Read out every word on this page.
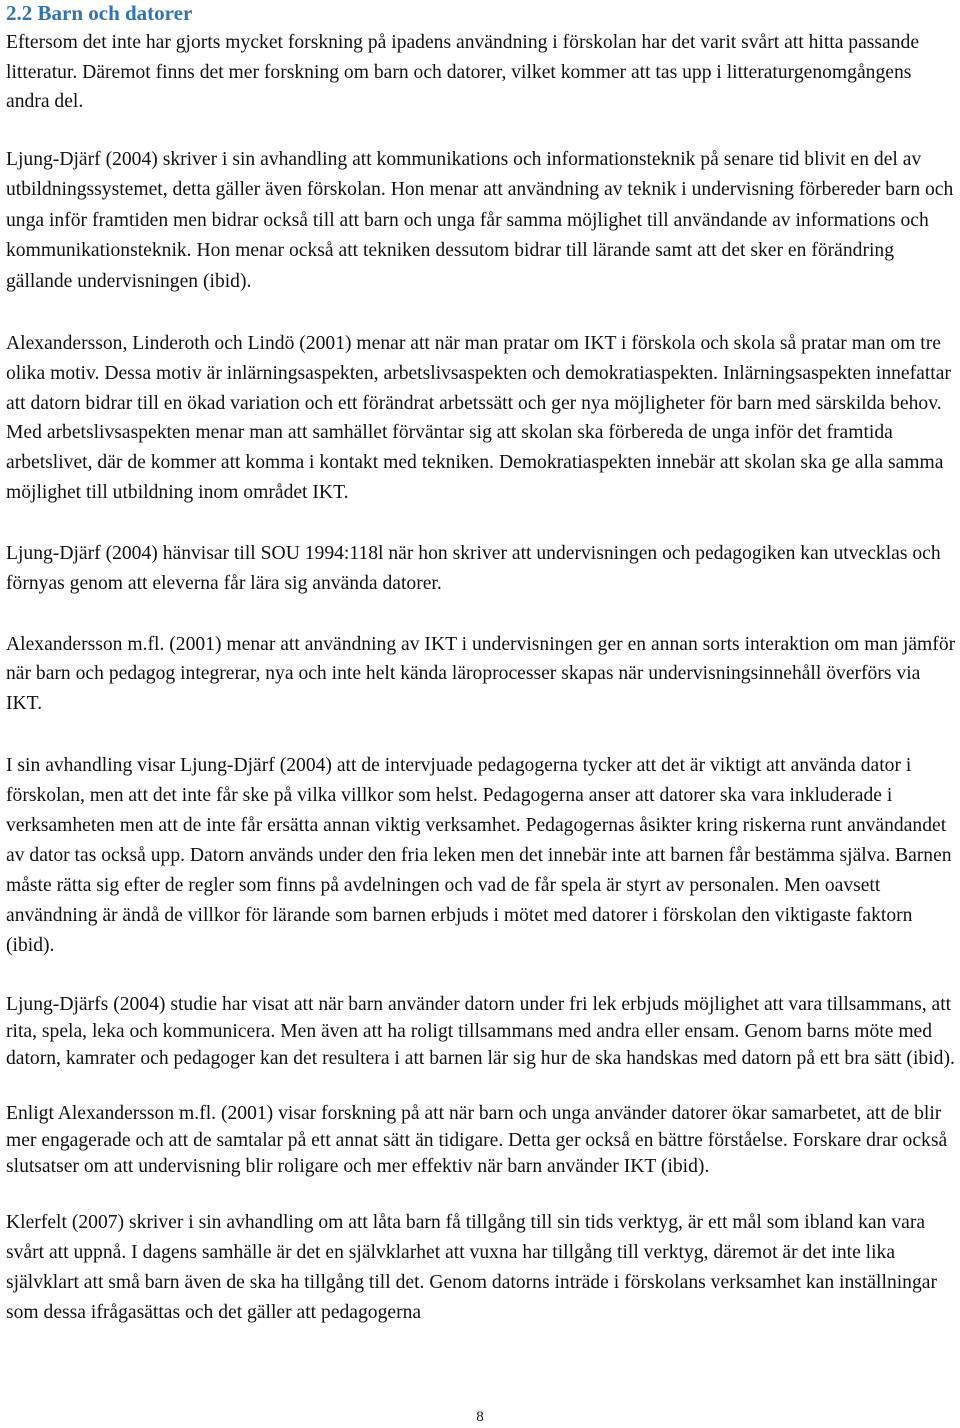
2.2 Barn och datorer

Eftersom det inte har gjorts mycket forskning på ipadens användning i förskolan har det varit svårt att hitta passande litteratur. Däremot finns det mer forskning om barn och datorer, vilket kommer att tas upp i litteraturgenomgångens andra del.

Ljung-Djärf (2004) skriver i sin avhandling att kommunikations och informationsteknik på senare tid blivit en del av utbildningssystemet, detta gäller även förskolan. Hon menar att användning av teknik i undervisning förbereder barn och unga inför framtiden men bidrar också till att barn och unga får samma möjlighet till användande av informations och kommunikationsteknik. Hon menar också att tekniken dessutom bidrar till lärande samt att det sker en förändring gällande undervisningen (ibid).

Alexandersson, Linderoth och Lindö (2001) menar att när man pratar om IKT i förskola och skola så pratar man om tre olika motiv. Dessa motiv är inlärningsaspekten, arbetslivsaspekten och demokratiaspekten. Inlärningsaspekten innefattar att datorn bidrar till en ökad variation och ett förändrat arbetssätt och ger nya möjligheter för barn med särskilda behov. Med arbetslivsaspekten menar man att samhället förväntar sig att skolan ska förbereda de unga inför det framtida arbetslivet, där de kommer att komma i kontakt med tekniken. Demokratiaspekten innebär att skolan ska ge alla samma möjlighet till utbildning inom området IKT.

Ljung-Djärf (2004) hänvisar till SOU 1994:118l när hon skriver att undervisningen och pedagogiken kan utvecklas och förnyas genom att eleverna får lära sig använda datorer.

Alexandersson m.fl. (2001) menar att användning av IKT i undervisningen ger en annan sorts interaktion om man jämför när barn och pedagog integrerar, nya och inte helt kända läroprocesser skapas när undervisningsinnehåll överförs via IKT.

I sin avhandling visar Ljung-Djärf (2004) att de intervjuade pedagogerna tycker att det är viktigt att använda dator i förskolan, men att det inte får ske på vilka villkor som helst. Pedagogerna anser att datorer ska vara inkluderade i verksamheten men att de inte får ersätta annan viktig verksamhet. Pedagogernas åsikter kring riskerna runt användandet av dator tas också upp. Datorn används under den fria leken men det innebär inte att barnen får bestämma själva. Barnen måste rätta sig efter de regler som finns på avdelningen och vad de får spela är styrt av personalen. Men oavsett användning är ändå de villkor för lärande som barnen erbjuds i mötet med datorer i förskolan den viktigaste faktorn (ibid).

Ljung-Djärfs (2004) studie har visat att när barn använder datorn under fri lek erbjuds möjlighet att vara tillsammans, att rita, spela, leka och kommunicera. Men även att ha roligt tillsammans med andra eller ensam. Genom barns möte med datorn, kamrater och pedagoger kan det resultera i att barnen lär sig hur de ska handskas med datorn på ett bra sätt (ibid).

Enligt Alexandersson m.fl. (2001) visar forskning på att när barn och unga använder datorer ökar samarbetet, att de blir mer engagerade och att de samtalar på ett annat sätt än tidigare. Detta ger också en bättre förståelse. Forskare drar också slutsatser om att undervisning blir roligare och mer effektiv när barn använder IKT (ibid).

Klerfelt (2007) skriver i sin avhandling om att låta barn få tillgång till sin tids verktyg, är ett mål som ibland kan vara svårt att uppnå. I dagens samhälle är det en självklarhet att vuxna har tillgång till verktyg, däremot är det inte lika självklart att små barn även de ska ha tillgång till det. Genom datorns inträde i förskolans verksamhet kan inställningar som dessa ifrågasättas och det gäller att pedagogerna

8
